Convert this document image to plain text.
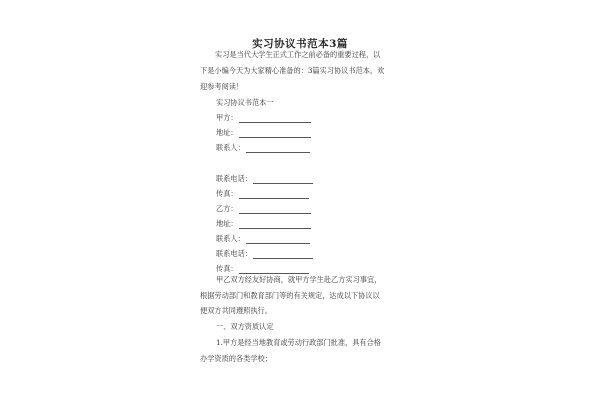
实习协议书范本3篇
实习是当代大学生正式工作之前必备的重要过程，以
下是小编今天为大家精心准备的：3篇实习协议书范本，欢
迎参考阅读！
实习协议书范本一
甲方：
地址：
联系人：
联系电话：
传真：
乙方：
地址：
联系人：
联系电话：
传真：
甲乙双方经友好协商，就甲方学生赴乙方实习事宜，
根据劳动部门和教育部门等的有关规定，达成以下协议以
便双方共同遵照执行。
一、双方资质认定
1.甲方是经当地教育或劳动行政部门批准，具有合格
办学资质的各类学校；
